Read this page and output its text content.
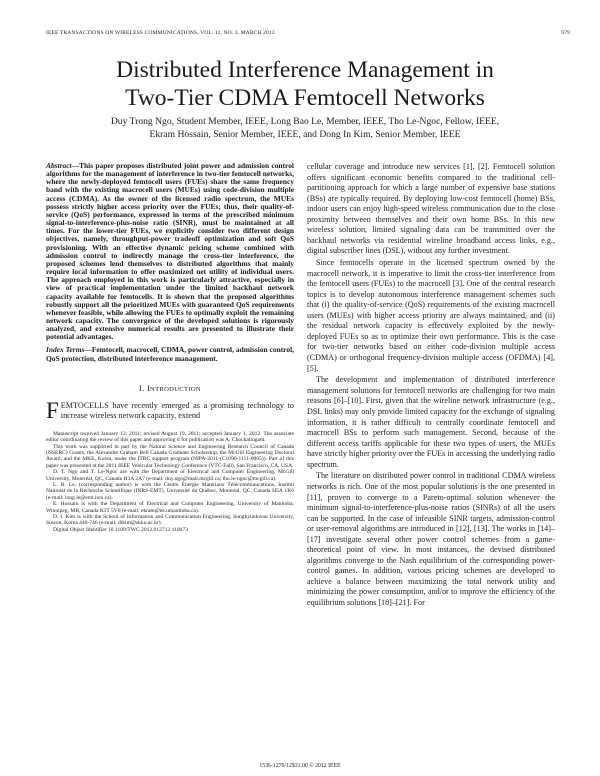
IEEE TRANSACTIONS ON WIRELESS COMMUNICATIONS, VOL. 11, NO. 3, MARCH 2012	979
Distributed Interference Management in
Two-Tier CDMA Femtocell Networks
Duy Trong Ngo, Student Member, IEEE, Long Bao Le, Member, IEEE, Tho Le-Ngoc, Fellow, IEEE,
Ekram Hossain, Senior Member, IEEE, and Dong In Kim, Senior Member, IEEE

Abstract—This paper proposes distributed joint power and admission control algorithms for the management of interference in two-tier femtocell networks, where the newly-deployed femtocell users (FUEs) share the same frequency band with the existing macrocell users (MUEs) using code-division multiple access (CDMA). As the owner of the licensed radio spectrum, the MUEs possess strictly higher access priority over the FUEs; thus, their quality-of-service (QoS) performance, expressed in terms of the prescribed minimum signal-to-interference-plus-noise ratio (SINR), must be maintained at all times. For the lower-tier FUEs, we explicitly consider two different design objectives, namely, throughput-power tradeoff optimization and soft QoS provisioning. With an effective dynamic pricing scheme combined with admission control to indirectly manage the cross-tier interference, the proposed schemes lend themselves to distributed algorithms that mainly require local information to offer maximized net utility of individual users. The approach employed in this work is particularly attractive, especially in view of practical implementation under the limited backhaul network capacity available for femtocells. It is shown that the proposed algorithms robustly support all the prioritized MUEs with guaranteed QoS requirements whenever feasible, while allowing the FUEs to optimally exploit the remaining network capacity. The convergence of the developed solutions is rigorously analyzed, and extensive numerical results are presented to illustrate their potential advantages.

Index Terms—Femtocell, macrocell, CDMA, power control, admission control, QoS protection, distributed interference management.

I. INTRODUCTION
FEMTOCELLS have recently emerged as a promising technology to increase wireless network capacity, extend

Manuscript received January 12, 2011; revised August 19, 2011; accepted January 1, 2012. The associate editor coordinating the review of this paper and approving it for publication was A. Chockalingam.

This work was supported in part by the Natural Science and Engineering Research Council of Canada (NSERC) Grants, the Alexander Graham Bell Canada Graduate Scholarship, the McGill Engineering Doctoral Award, and the MKE, Korea, under the ITRC support program (NIPA-2011-(C1090-1111-0005)). Part of this paper was presented at the 2011 IEEE Vehicular Technology Conference (VTC-Fall), San Francisco, CA, USA.

D. T. Ngo and T. Le-Ngoc are with the Department of Electrical and Computer Engineering, McGill University, Montréal, QC, Canada H3A 2A7 (e-mail: duy.ngo@mail.mcgill.ca; tho.le-ngoc@mcgill.ca).

L. B. Le, (corresponding author) is with the Centre Énergie Matériaux Télécommunications, Institut National de la Recherche Scientifique (INRS-EMT), Université du Québec, Montréal, QC, Canada H5A 1K6 (e-mail: long.le@emt.inrs.ca).

E. Hossain is with the Department of Electrical and Computer Engineering, University of Manitoba, Winnipeg, MB, Canada R3T 5V6 (e-mail: ekram@ee.umanitoba.ca).

D. I. Kim is with the School of Information and Communication Engineering, Sungkyunkwan University, Suwon, Korea 440-746 (e-mail: dikim@skku.ac.kr).

Digital Object Identifier 10.1109/TWC.2012.012712.110073

cellular coverage and introduce new services [1], [2]. Femtocell solution offers significant economic benefits compared to the traditional cell-partitioning approach for which a large number of expensive base stations (BSs) are typically required. By deploying low-cost femtocell (home) BSs, indoor users can enjoy high-speed wireless communication due to the close proximity between themselves and their own home BSs. In this new wireless solution, limited signaling data can be transmitted over the backhaul networks via residential wireline broadband access links, e.g., digital subscriber lines (DSL), without any further investment.

Since femtocells operate in the licensed spectrum owned by the macrocell network, it is imperative to limit the cross-tier interference from the femtocell users (FUEs) to the macrocell [3]. One of the central research topics is to develop autonomous interference management schemes such that (i) the quality-of-service (QoS) requirements of the existing macrocell users (MUEs) with higher access priority are always maintained, and (ii) the residual network capacity is effectively exploited by the newly-deployed FUEs so as to optimize their own performance. This is the case for two-tier networks based on either code-division multiple access (CDMA) or orthogonal frequency-division multiple access (OFDMA) [4], [5].

The development and implementation of distributed interference management solutions for femtocell networks are challenging for two main reasons [6]–[10]. First, given that the wireline network infrastructure (e.g., DSL links) may only provide limited capacity for the exchange of signaling information, it is rather difficult to centrally coordinate femtocell and macrocell BSs to perform such management. Second, because of the different access tariffs applicable for these two types of users, the MUEs have strictly higher priority over the FUEs in accessing the underlying radio spectrum.

The literature on distributed power control in traditional CDMA wireless networks is rich. One of the most popular solutions is the one presented in [11], proven to converge to a Pareto-optimal solution whenever the minimum signal-to-interference-plus-noise ratios (SINRs) of all the users can be supported. In the case of infeasible SINR targets, admission-control or user-removal algorithms are introduced in [12], [13]. The works in [14]–[17] investigate several other power control schemes from a game-theoretical point of view. In most instances, the devised distributed algorithms converge to the Nash equilibrium of the corresponding power-control games. In addition, various pricing schemes are developed to achieve a balance between maximizing the total network utility and minimizing the power consumption, and/or to improve the efficiency of the equilibrium solutions [18]–[21]. For

1536-1276/12$31.00 © 2012 IEEE
